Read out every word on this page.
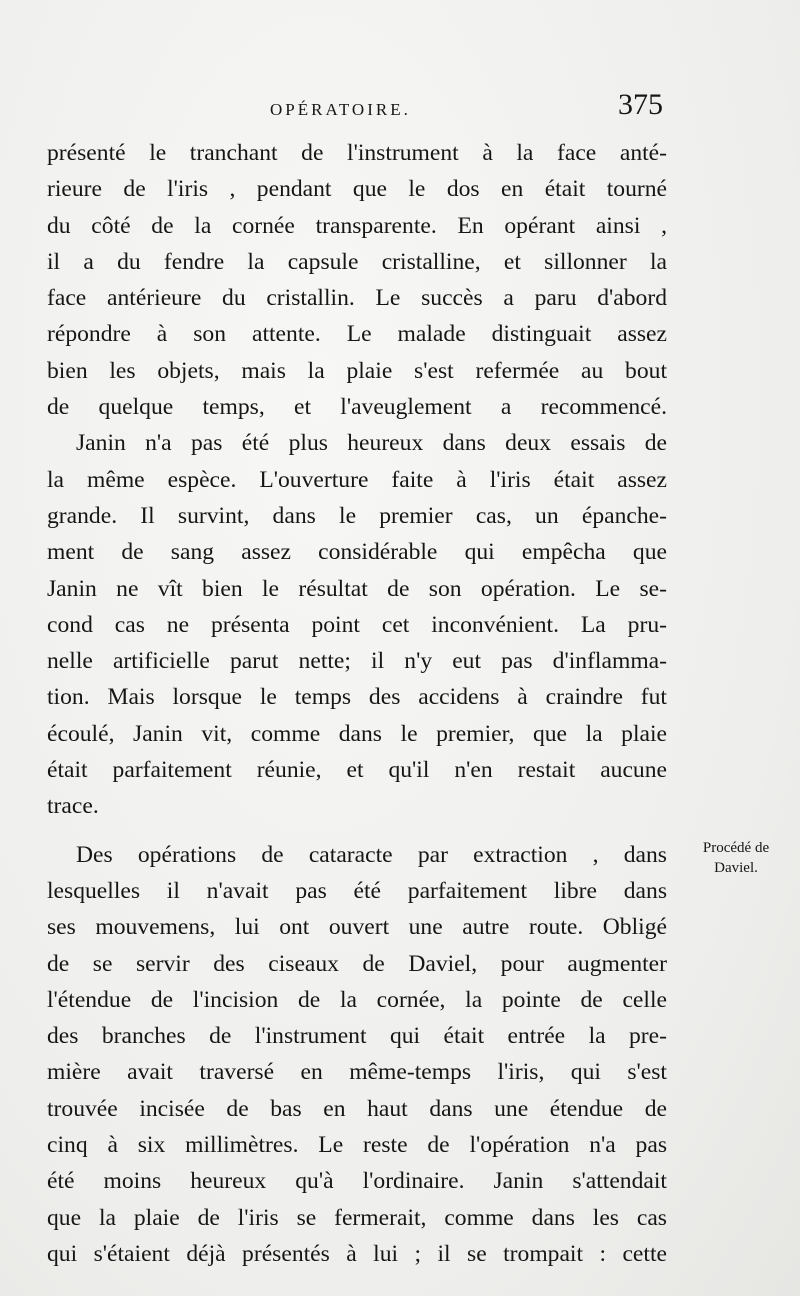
OPÉRATOIRE.	375
présenté le tranchant de l'instrument à la face anté-
rieure de l'iris , pendant que le dos en était tourné
du côté de la cornée transparente. En opérant ainsi ,
il a du fendre la capsule cristalline, et sillonner la
face antérieure du cristallin. Le succès a paru d'abord
répondre à son attente. Le malade distinguait assez
bien les objets, mais la plaie s'est refermée au bout
de quelque temps, et l'aveuglement a recommencé.
Janin n'a pas été plus heureux dans deux essais de
la même espèce. L'ouverture faite à l'iris était assez
grande. Il survint, dans le premier cas, un épanche-
ment de sang assez considérable qui empêcha que
Janin ne vît bien le résultat de son opération. Le se-
cond cas ne présenta point cet inconvénient. La pru-
nelle artificielle parut nette; il n'y eut pas d'inflamma-
tion. Mais lorsque le temps des accidens à craindre fut
écoulé, Janin vit, comme dans le premier, que la plaie
était parfaitement réunie, et qu'il n'en restait aucune
trace.
Des opérations de cataracte par extraction , dans
lesquelles il n'avait pas été parfaitement libre dans
ses mouvemens, lui ont ouvert une autre route. Obligé
de se servir des ciseaux de Daviel, pour augmenter
l'étendue de l'incision de la cornée, la pointe de celle
des branches de l'instrument qui était entrée la pre-
mière avait traversé en même-temps l'iris, qui s'est
trouvée incisée de bas en haut dans une étendue de
cinq à six millimètres. Le reste de l'opération n'a pas
été moins heureux qu'à l'ordinaire. Janin s'attendait
que la plaie de l'iris se fermerait, comme dans les cas
qui s'étaient déjà présentés à lui ; il se trompait : cette
Procédé de
Daviel.
